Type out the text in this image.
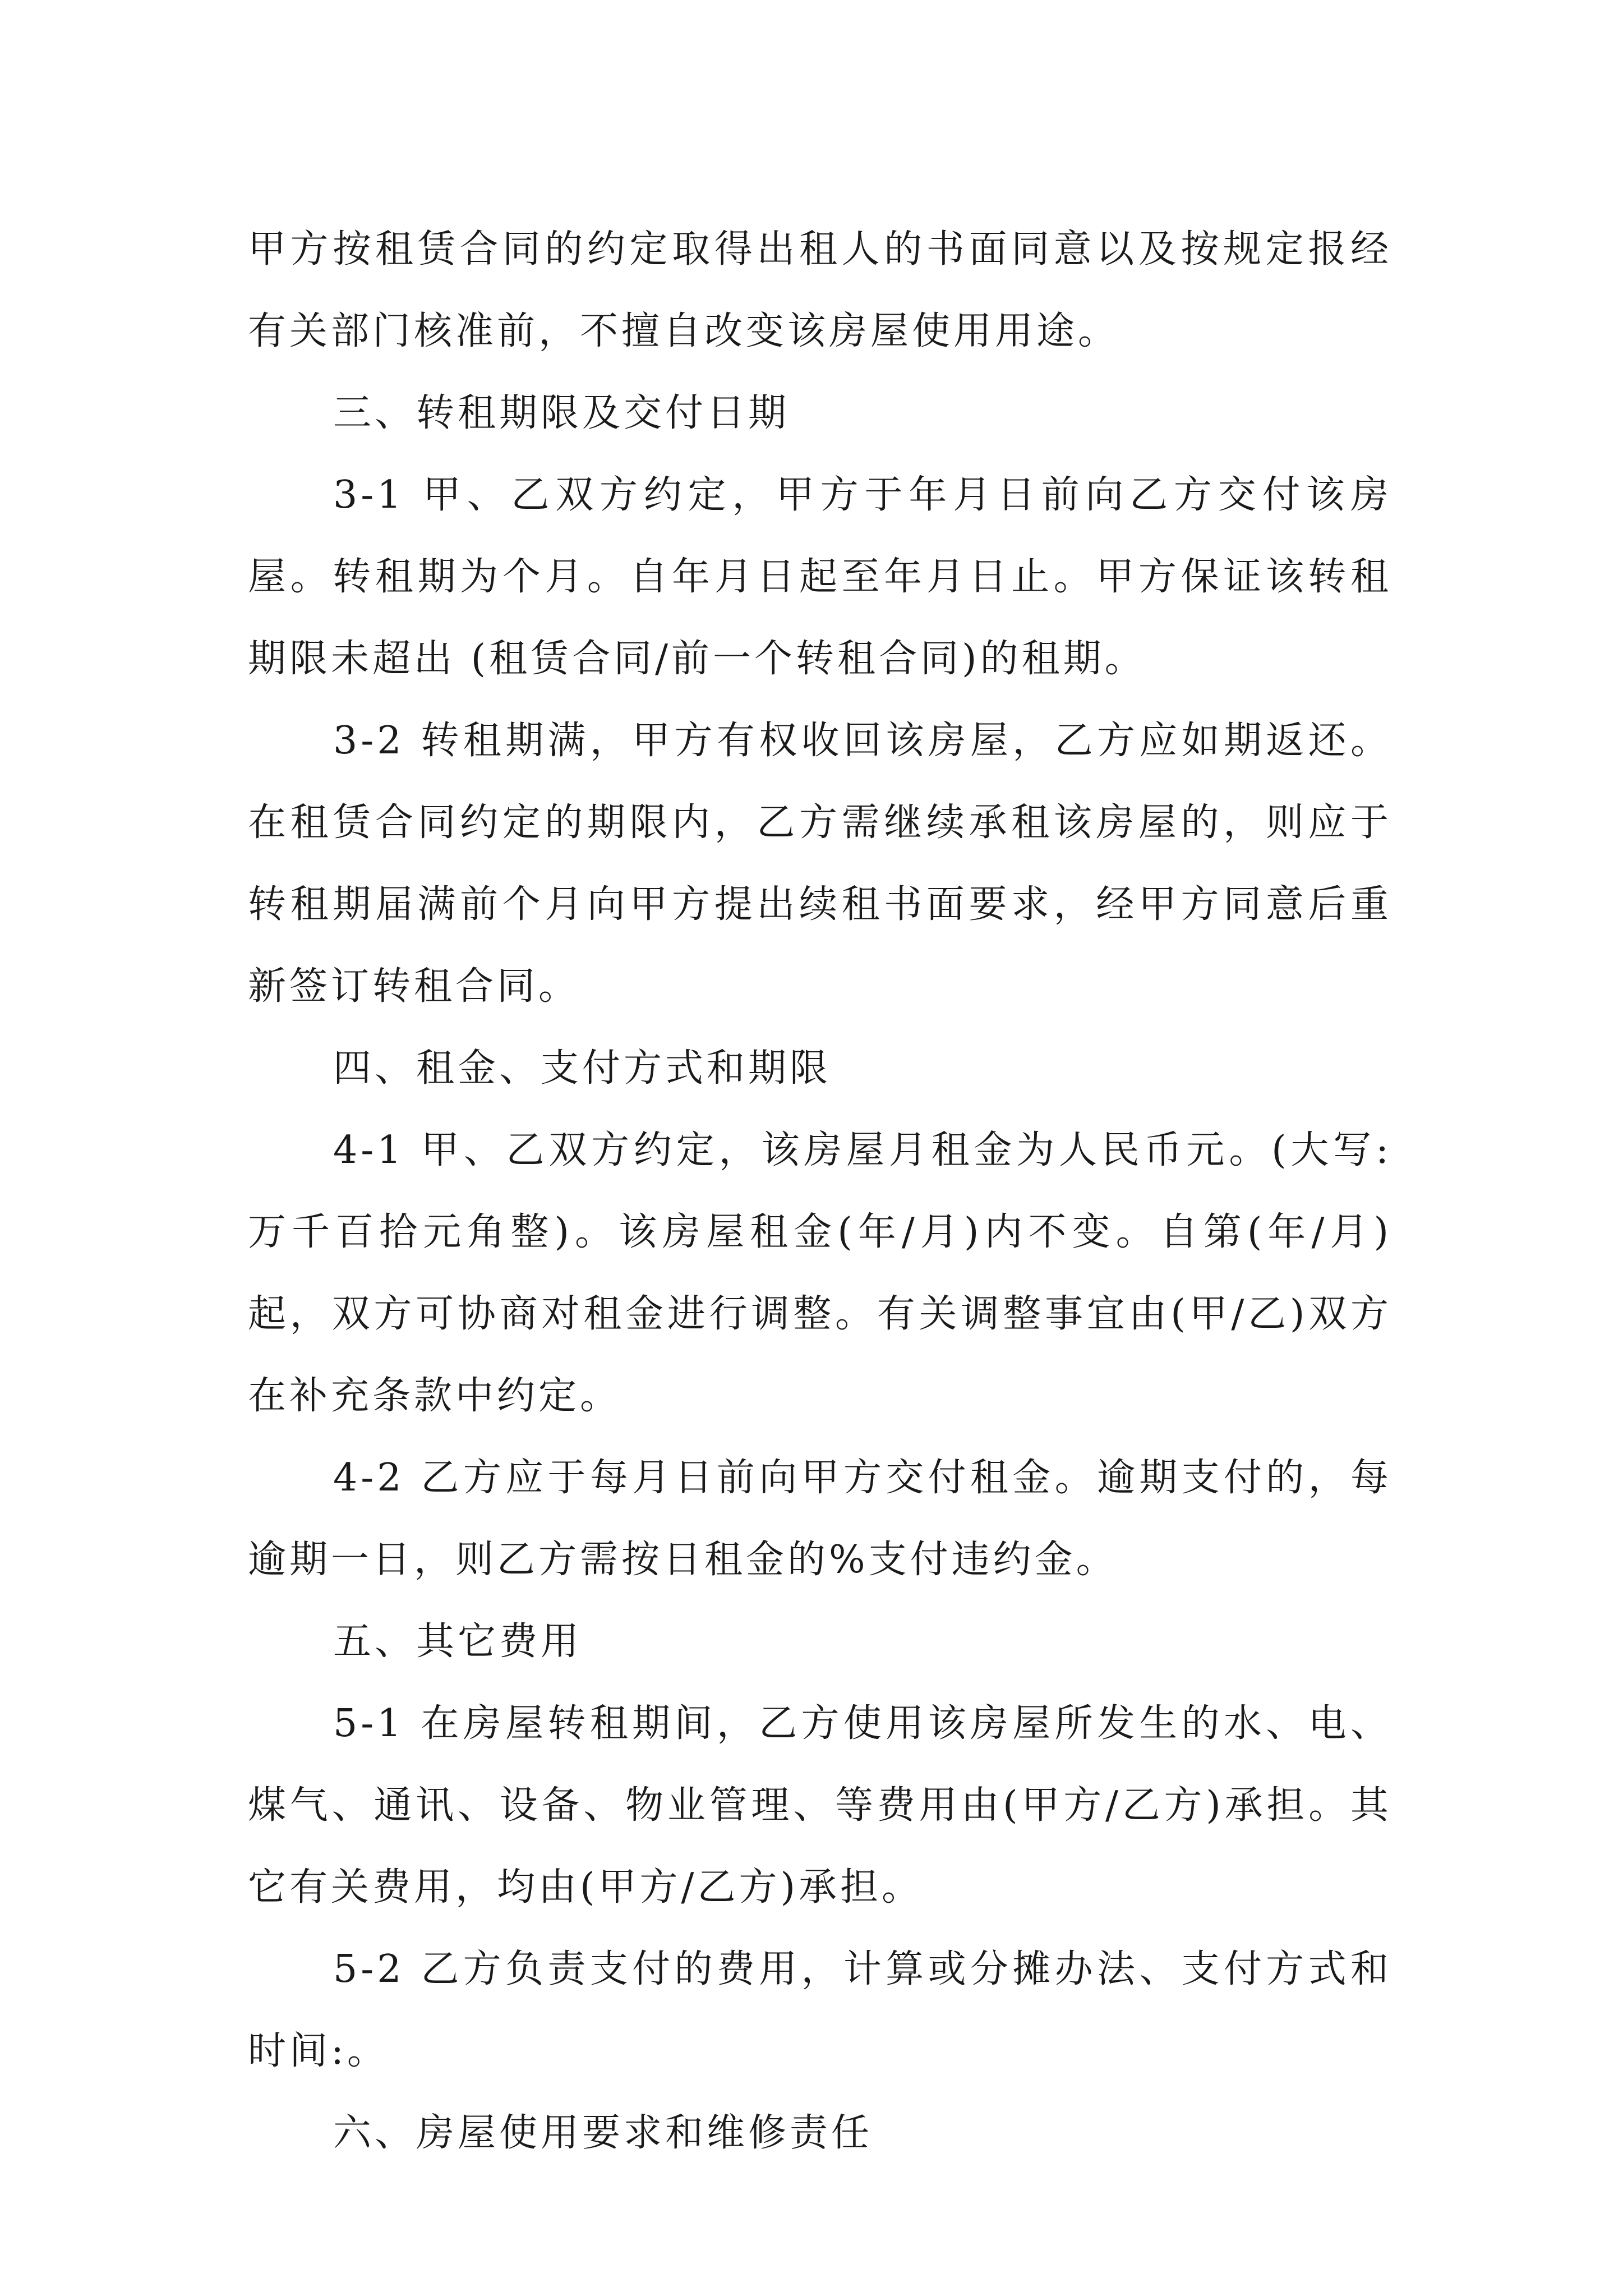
甲方按租赁合同的约定取得出租人的书面同意以及按规定报经有关部门核准前，不擅自改变该房屋使用用途。

三、转租期限及交付日期

3-1 甲、乙双方约定，甲方于年月日前向乙方交付该房屋。转租期为个月。自年月日起至年月日止。甲方保证该转租期限未超出 (租赁合同/前一个转租合同)的租期。

3-2 转租期满，甲方有权收回该房屋，乙方应如期返还。在租赁合同约定的期限内，乙方需继续承租该房屋的，则应于转租期届满前个月向甲方提出续租书面要求，经甲方同意后重新签订转租合同。

四、租金、支付方式和期限

4-1 甲、乙双方约定，该房屋月租金为人民币元。(大写: 万千百拾元角整)。该房屋租金(年/月)内不变。自第(年/月)起，双方可协商对租金进行调整。有关调整事宜由(甲/乙)双方在补充条款中约定。

4-2 乙方应于每月日前向甲方交付租金。逾期支付的，每逾期一日，则乙方需按日租金的%支付违约金。

五、其它费用

5-1 在房屋转租期间，乙方使用该房屋所发生的水、电、煤气、通讯、设备、物业管理、等费用由(甲方/乙方)承担。其它有关费用，均由(甲方/乙方)承担。

5-2 乙方负责支付的费用，计算或分摊办法、支付方式和时间:。

六、房屋使用要求和维修责任
